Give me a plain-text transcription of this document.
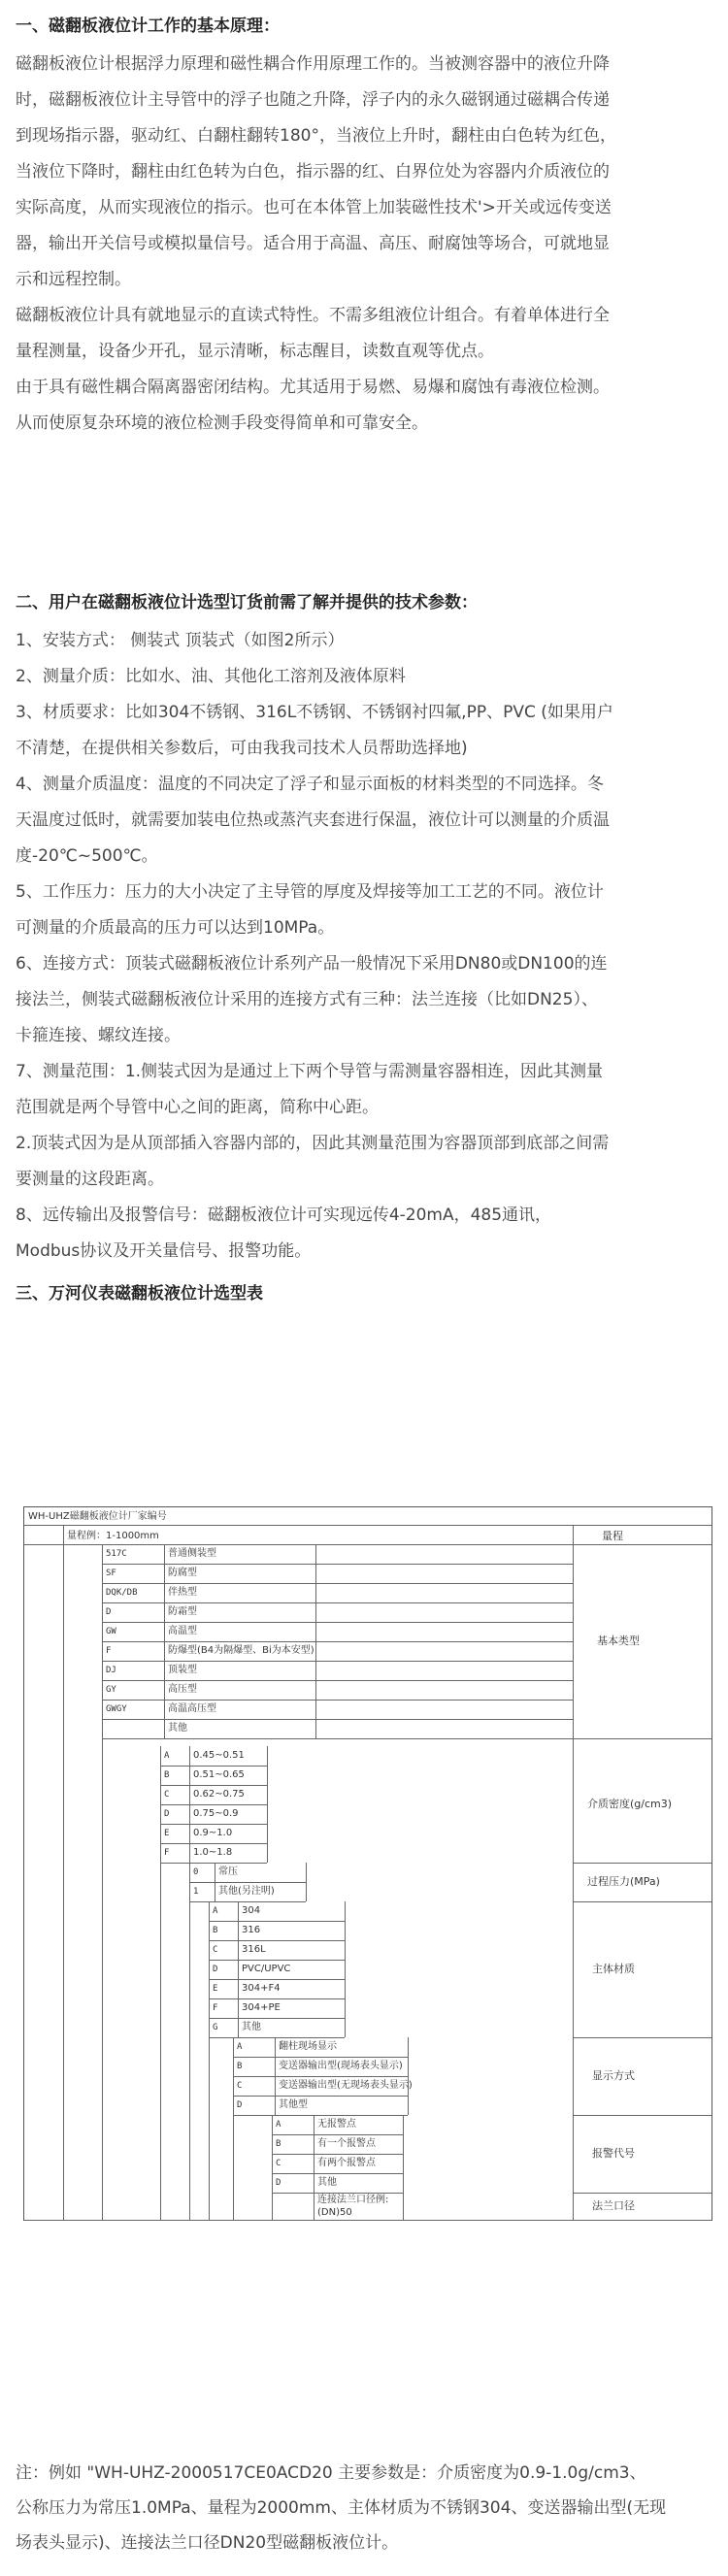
一、磁翻板液位计工作的基本原理：
磁翻板液位计根据浮力原理和磁性耦合作用原理工作的。当被测容器中的液位升降
时，磁翻板液位计主导管中的浮子也随之升降，浮子内的永久磁钢通过磁耦合传递
到现场指示器，驱动红、白翻柱翻转180°，当液位上升时，翻柱由白色转为红色，
当液位下降时，翻柱由红色转为白色，指示器的红、白界位处为容器内介质液位的
实际高度，从而实现液位的指示。也可在本体管上加装磁性技术'>开关或远传变送
器，输出开关信号或模拟量信号。适合用于高温、高压、耐腐蚀等场合，可就地显
示和远程控制。
磁翻板液位计具有就地显示的直读式特性。不需多组液位计组合。有着单体进行全
量程测量，设备少开孔，显示清晰，标志醒目，读数直观等优点。
由于具有磁性耦合隔离器密闭结构。尤其适用于易燃、易爆和腐蚀有毒液位检测。
从而使原复杂环境的液位检测手段变得简单和可靠安全。
二、用户在磁翻板液位计选型订货前需了解并提供的技术参数：
1、安装方式： 侧装式 顶装式（如图2所示）
2、测量介质：比如水、油、其他化工溶剂及液体原料
3、材质要求：比如304不锈钢、316L不锈钢、不锈钢衬四氟,PP、PVC (如果用户
不清楚，在提供相关参数后，可由我我司技术人员帮助选择地)
4、测量介质温度：温度的不同决定了浮子和显示面板的材料类型的不同选择。冬
天温度过低时，就需要加装电位热或蒸汽夹套进行保温，液位计可以测量的介质温
度-20℃~500℃。
5、工作压力：压力的大小决定了主导管的厚度及焊接等加工工艺的不同。液位计
可测量的介质最高的压力可以达到10MPa。
6、连接方式：顶装式磁翻板液位计系列产品一般情况下采用DN80或DN100的连
接法兰，侧装式磁翻板液位计采用的连接方式有三种：法兰连接（比如DN25）、
卡箍连接、螺纹连接。
7、测量范围：1.侧装式因为是通过上下两个导管与需测量容器相连，因此其测量
范围就是两个导管中心之间的距离，简称中心距。
2.顶装式因为是从顶部插入容器内部的，因此其测量范围为容器顶部到底部之间需
要测量的这段距离。
8、远传输出及报警信号：磁翻板液位计可实现远传4-20mA，485通讯，
Modbus协议及开关量信号、报警功能。
三、万河仪表磁翻板液位计选型表
WH-UHZ磁翻板液位计厂家编号
量程例：1-1000mm	量程
517C	普通侧装型
SF	防腐型
DQK/DB	伴热型
D	防霜型
GW	高温型
F	防爆型(B4为隔爆型、Bi为本安型)
DJ	顶装型
GY	高压型
GWGY	高温高压型
其他
基本类型
A 0.45~0.51
B 0.51~0.65
C 0.62~0.75
D 0.75~0.9
E 0.9~1.0
F 1.0~1.8
介质密度(g/cm3)
0 常压
1 其他(另注明)
过程压力(MPa)
A 304
B 316
C 316L
D PVC/UPVC
E 304+F4
F 304+PE
G 其他
主体材质
A	翻柱现场显示
B	变送器输出型(现场表头显示)
C	变送器输出型(无现场表头显示)
D	其他型
显示方式
A	无报警点
B	有一个报警点
C	有两个报警点
D	其他
报警代号
连接法兰口径例:
(DN)50
法兰口径
注：例如 "WH-UHZ-2000517CE0ACD20 主要参数是：介质密度为0.9-1.0g/cm3、
公称压力为常压1.0MPa、量程为2000mm、主体材质为不锈钢304、变送器输出型(无现
场表头显示)、连接法兰口径DN20型磁翻板液位计。
